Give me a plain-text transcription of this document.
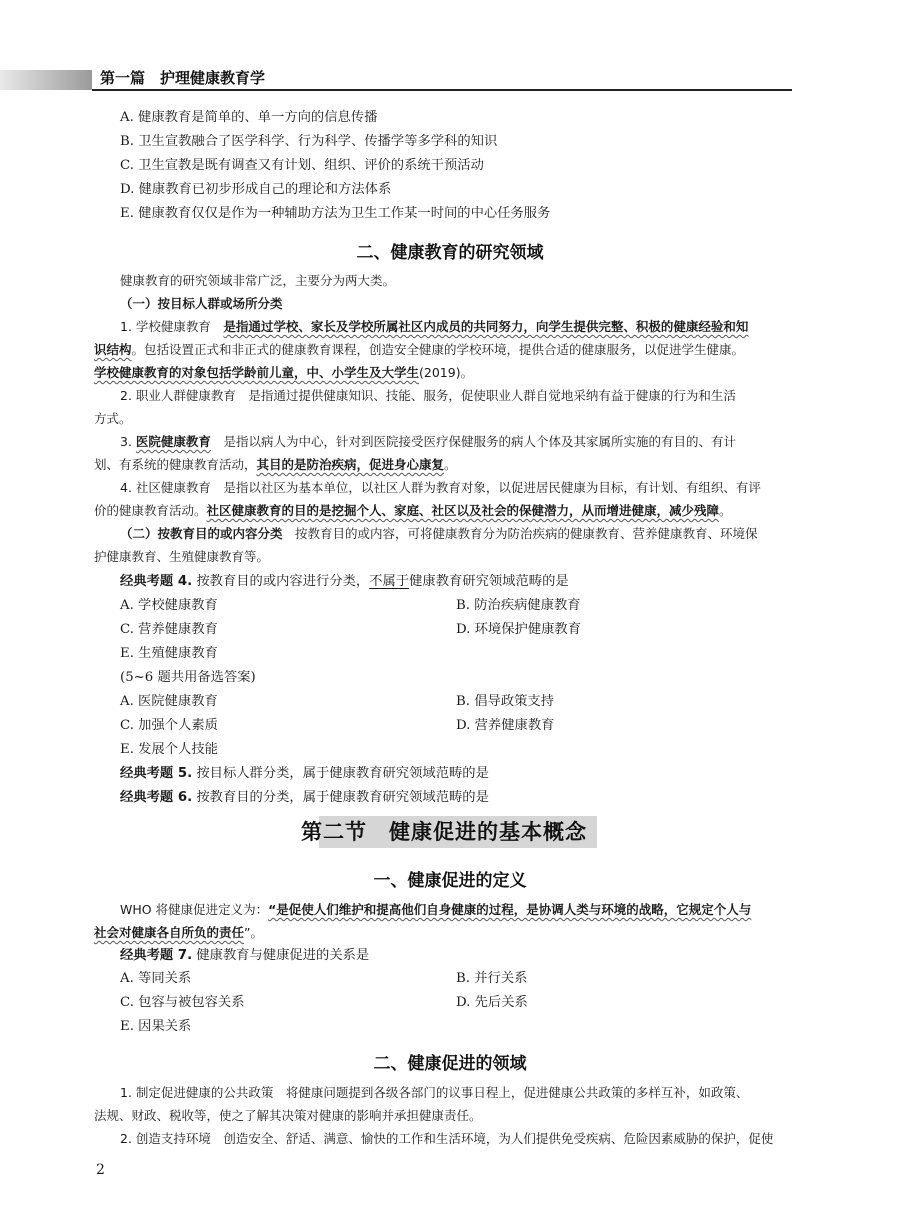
第一篇　 护理健康教育学
A. 健康教育是简单的、单一方向的信息传播
B. 卫生宣教融合了医学科学、行为科学、传播学等多学科的知识
C. 卫生宣教是既有调查又有计划、组织、评价的系统干预活动
D. 健康教育已初步形成自己的理论和方法体系
E. 健康教育仅仅是作为一种辅助方法为卫生工作某一时间的中心任务服务
二、健康教育的研究领域
健康教育的研究领域非常广泛，主要分为两大类。
（一）按目标人群或场所分类
1. 学校健康教育　 是指通过学校、家长及学校所属社区内成员的共同努力，向学生提供完整、积极的健康经验和知
识结构。包括设置正式和非正式的健康教育课程，创造安全健康的学校环境，提供合适的健康服务，以促进学生健康。
学校健康教育的对象包括学龄前儿童，中、小学生及大学生(2019)。
2. 职业人群健康教育　是指通过提供健康知识、技能、服务，促使职业人群自觉地采纳有益于健康的行为和生活
方式。
3. 医院健康教育　 是指以病人为中心，针对到医院接受医疗保健服务的病人个体及其家属所实施的有目的、有计
划、有系统的健康教育活动，其目的是防治疾病，促进身心康复。
4. 社区健康教育　是指以社区为基本单位，以社区人群为教育对象，以促进居民健康为目标，有计划、有组织、有评
价的健康教育活动。社区健康教育的目的是挖掘个人、家庭、社区以及社会的保健潜力，从而增进健康，减少残障。
（二）按教育目的或内容分类　 按教育目的或内容，可将健康教育分为防治疾病的健康教育、营养健康教育、环境保
护健康教育、生殖健康教育等。
经典考题 4. 按教育目的或内容进行分类，不属于健康教育研究领域范畴的是
A. 学校健康教育	B. 防治疾病健康教育
C. 营养健康教育	D. 环境保护健康教育
E. 生殖健康教育
(5~6 题共用备选答案)
A. 医院健康教育	B. 倡导政策支持
C. 加强个人素质	D. 营养健康教育
E. 发展个人技能
经典考题 5. 按目标人群分类，属于健康教育研究领域范畴的是
经典考题 6. 按教育目的分类，属于健康教育研究领域范畴的是
第二节　健康促进的基本概念
一、健康促进的定义
WHO 将健康促进定义为：“是促使人们维护和提高他们自身健康的过程，是协调人类与环境的战略，它规定个人与
社会对健康各自所负的责任”。
经典考题 7. 健康教育与健康促进的关系是
A. 等同关系	B. 并行关系
C. 包容与被包容关系	D. 先后关系
E. 因果关系
二、健康促进的领域
1. 制定促进健康的公共政策　将健康问题提到各级各部门的议事日程上，促进健康公共政策的多样互补，如政策、
法规、财政、税收等，使之了解其决策对健康的影响并承担健康责任。
2. 创造支持环境　创造安全、舒适、满意、愉快的工作和生活环境，为人们提供免受疾病、危险因素威胁的保护，促使
2
